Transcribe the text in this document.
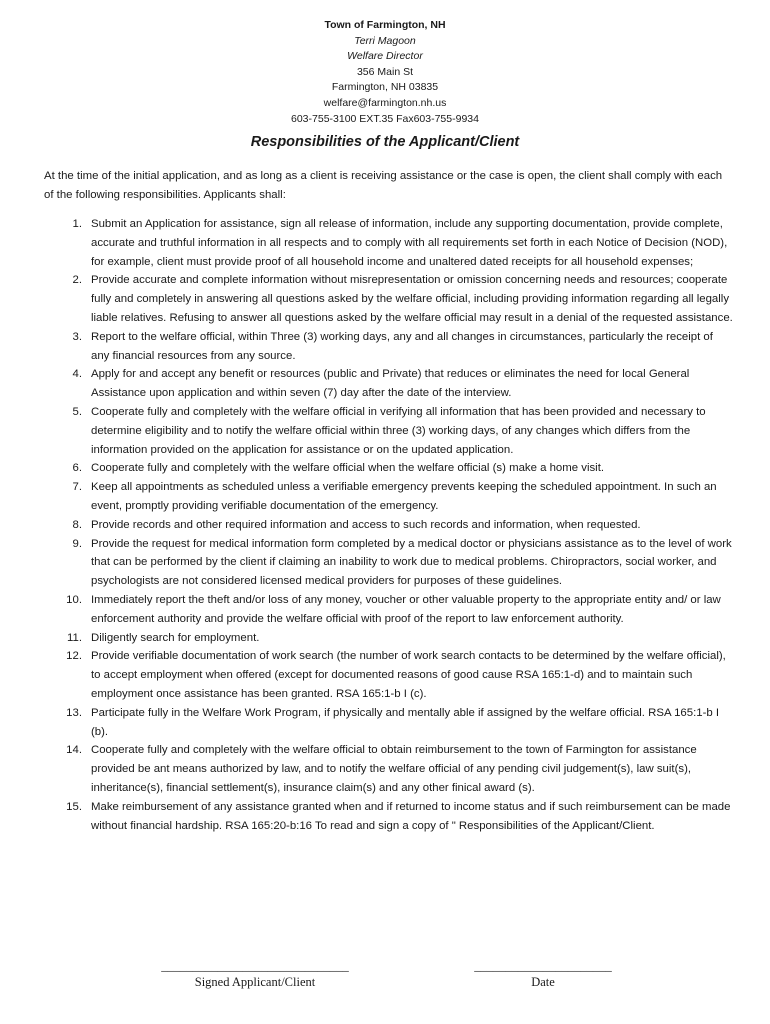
Town of Farmington, NH
Terri Magoon
Welfare Director
356 Main St
Farmington, NH 03835
welfare@farmington.nh.us
603-755-3100 EXT.35 Fax603-755-9934
Responsibilities of the Applicant/Client
At the time of the initial application, and as long as a client is receiving assistance or the case is open, the client shall comply with each of the following responsibilities. Applicants shall:
1. Submit an Application for assistance, sign all release of information, include any supporting documentation, provide complete, accurate and truthful information in all respects and to comply with all requirements set forth in each Notice of Decision (NOD), for example, client must provide proof of all household income and unaltered dated receipts for all household expenses;
2. Provide accurate and complete information without misrepresentation or omission concerning needs and resources; cooperate fully and completely in answering all questions asked by the welfare official, including providing information regarding all legally liable relatives. Refusing to answer all questions asked by the welfare official may result in a denial of the requested assistance.
3. Report to the welfare official, within Three (3) working days, any and all changes in circumstances, particularly the receipt of any financial resources from any source.
4. Apply for and accept any benefit or resources (public and Private) that reduces or eliminates the need for local General Assistance upon application and within seven (7) day after the date of the interview.
5. Cooperate fully and completely with the welfare official in verifying all information that has been provided and necessary to determine eligibility and to notify the welfare official within three (3) working days, of any changes which differs from the information provided on the application for assistance or on the updated application.
6. Cooperate fully and completely with the welfare official when the welfare official (s) make a home visit.
7. Keep all appointments as scheduled unless a verifiable emergency prevents keeping the scheduled appointment. In such an event, promptly providing verifiable documentation of the emergency.
8. Provide records and other required information and access to such records and information, when requested.
9. Provide the request for medical information form completed by a medical doctor or physicians assistance as to the level of work that can be performed by the client if claiming an inability to work due to medical problems. Chiropractors, social worker, and psychologists are not considered licensed medical providers for purposes of these guidelines.
10. Immediately report the theft and/or loss of any money, voucher or other valuable property to the appropriate entity and/ or law enforcement authority and provide the welfare official with proof of the report to law enforcement authority.
11. Diligently search for employment.
12. Provide verifiable documentation of work search (the number of work search contacts to be determined by the welfare official), to accept employment when offered (except for documented reasons of good cause RSA 165:1-d) and to maintain such employment once assistance has been granted. RSA 165:1-b I (c).
13. Participate fully in the Welfare Work Program, if physically and mentally able if assigned by the welfare official. RSA 165:1-b I (b).
14. Cooperate fully and completely with the welfare official to obtain reimbursement to the town of Farmington for assistance provided be ant means authorized by law, and to notify the welfare official of any pending civil judgement(s), law suit(s), inheritance(s), financial settlement(s), insurance claim(s) and any other finical award (s).
15. Make reimbursement of any assistance granted when and if returned to income status and if such reimbursement can be made without financial hardship. RSA 165:20-b:16 To read and sign a copy of " Responsibilities of the Applicant/Client.
______________________________
Signed Applicant/Client
______________________
Date
